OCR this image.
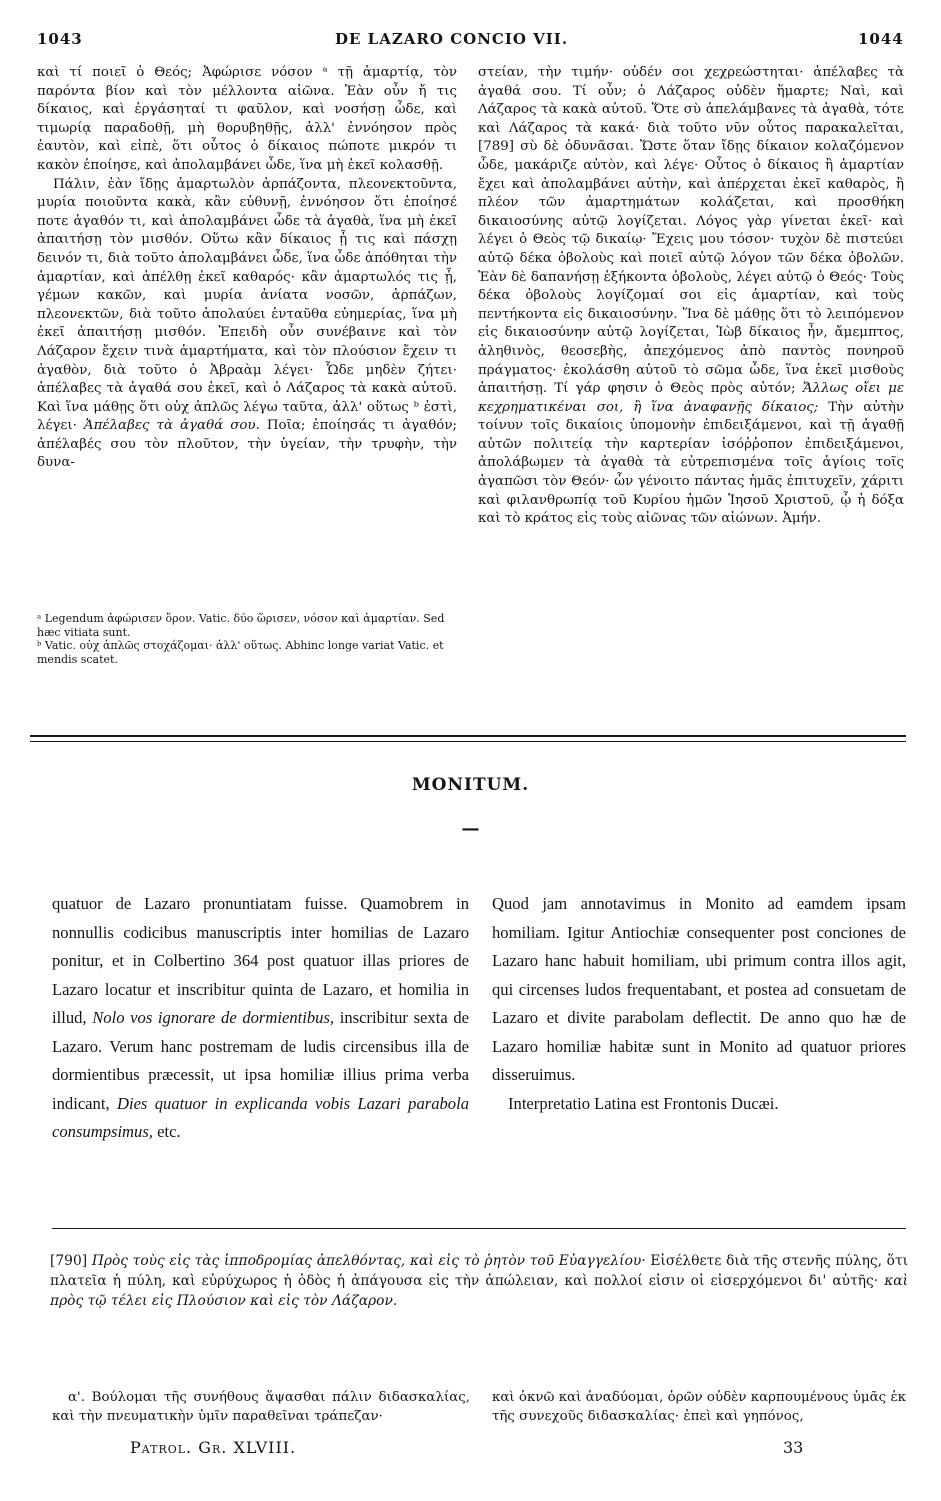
1043	DE LAZARO CONCIO VII.	1044

καὶ τί ποιεῖ ὁ Θεός; Ἀφώρισε νόσον ᵃ τῇ ἁμαρτίᾳ, τὸν παρόντα βίον καὶ τὸν μέλλοντα αἰῶνα. Ἐὰν οὖν ἤ τις δίκαιος, καὶ ἐργάσηταί τι φαῦλον, καὶ νοσήσῃ ὧδε, καὶ τιμωρίᾳ παραδοθῇ, μὴ θορυβηθῇς, ἀλλ' ἐννόησον πρὸς ἑαυτὸν, καὶ εἰπὲ, ὅτι οὗτος ὁ δίκαιος πώποτε μικρόν τι κακὸν ἐποίησε, καὶ ἀπολαμβάνει ὧδε, ἵνα μὴ ἐκεῖ κολασθῇ.

Πάλιν, ἐὰν ἴδῃς ἁμαρτωλὸν ἁρπάζοντα, πλεονεκτοῦντα, μυρία ποιοῦντα κακὰ, κἂν εὐθυνῇ, ἐννόησον ὅτι ἐποίησέ ποτε ἀγαθόν τι, καὶ ἀπολαμβάνει ὧδε τὰ ἀγαθὰ, ἵνα μὴ ἐκεῖ ἀπαιτήσῃ τὸν μισθόν. Οὕτω κἂν δίκαιος ᾖ τις καὶ πάσχῃ δεινόν τι, διὰ τοῦτο ἀπολαμβάνει ὧδε, ἵνα ὧδε ἀπόθηται τὴν ἁμαρτίαν, καὶ ἀπέλθῃ ἐκεῖ καθαρός· κἂν ἁμαρτωλός τις ᾖ, γέμων κακῶν, καὶ μυρία ἀνίατα νοσῶν, ἁρπάζων, πλεονεκτῶν, διὰ τοῦτο ἀπολαύει ἐνταῦθα εὐημερίας, ἵνα μὴ ἐκεῖ ἀπαιτήσῃ μισθόν. Ἐπειδὴ οὖν συνέβαινε καὶ τὸν Λάζαρον ἔχειν τινὰ ἁμαρτήματα, καὶ τὸν πλούσιον ἔχειν τι ἀγαθὸν, διὰ τοῦτο ὁ Ἀβραὰμ λέγει· Ὧδε μηδὲν ζήτει· ἀπέλαβες τὰ ἀγαθά σου ἐκεῖ, καὶ ὁ Λάζαρος τὰ κακὰ αὐτοῦ. Καὶ ἵνα μάθῃς ὅτι οὐχ ἁπλῶς λέγω ταῦτα, ἀλλ' οὕτως ᵇ ἐστὶ, λέγει· Ἀπέλαβες τὰ ἀγαθά σου. Ποῖα; ἐποίησάς τι ἀγαθόν; ἀπέλαβές σου τὸν πλοῦτον, τὴν ὑγείαν, τὴν τρυφὴν, τὴν δυνα-

ᵃ Legendum ἀφώρισεν ὅρον. Vatic. δύο ὥρισεν, νόσον καὶ ἁμαρτίαν. Sed hæc vitiata sunt.

ᵇ Vatic. οὐχ ἁπλῶς στοχάζομαι· ἀλλ' οὕτως. Abhinc longe variat Vatic. et mendis scatet.

στείαν, τὴν τιμήν· οὐδέν σοι χεχρεώστηται· ἀπέλαβες τὰ ἀγαθά σου. Τί οὖν; ὁ Λάζαρος οὐδὲν ἥμαρτε; Ναὶ, καὶ Λάζαρος τὰ κακὰ αὐτοῦ. Ὅτε σὺ ἀπελάμβανες τὰ ἀγαθὰ, τότε καὶ Λάζαρος τὰ κακά· διὰ τοῦτο νῦν οὗτος παρακαλεῖται, [789] σὺ δὲ ὀδυνᾶσαι. Ὥστε ὅταν ἴδῃς δίκαιον κολαζόμενον ὧδε, μακάριζε αὐτὸν, καὶ λέγε· Οὗτος ὁ δίκαιος ἢ ἁμαρτίαν ἔχει καὶ ἀπολαμβάνει αὐτὴν, καὶ ἀπέρχεται ἐκεῖ καθαρὸς, ἢ πλέον τῶν ἁμαρτημάτων κολάζεται, καὶ προσθήκη δικαιοσύνης αὐτῷ λογίζεται. Λόγος γὰρ γίνεται ἐκεῖ· καὶ λέγει ὁ Θεὸς τῷ δικαίῳ· Ἔχεις μου τόσον· τυχὸν δὲ πιστεύει αὐτῷ δέκα ὀβολοὺς καὶ ποιεῖ αὐτῷ λόγον τῶν δέκα ὀβολῶν. Ἐὰν δὲ δαπανήσῃ ἑξήκοντα ὀβολοὺς, λέγει αὐτῷ ὁ Θεός· Τοὺς δέκα ὀβολοὺς λογίζομαί σοι εἰς ἁμαρτίαν, καὶ τοὺς πεντήκοντα εἰς δικαιοσύνην. Ἵνα δὲ μάθῃς ὅτι τὸ λειπόμενον εἰς δικαιοσύνην αὐτῷ λογίζεται, Ἰὼβ δίκαιος ἦν, ἄμεμπτος, ἀληθινὸς, θεοσεβὴς, ἀπεχόμενος ἀπὸ παντὸς πονηροῦ πράγματος· ἐκολάσθη αὐτοῦ τὸ σῶμα ὧδε, ἵνα ἐκεῖ μισθοὺς ἀπαιτήσῃ. Τί γάρ φησιν ὁ Θεὸς πρὸς αὐτόν; Ἄλλως οἴει με κεχρηματικέναι σοι, ἢ ἵνα ἀναφανῇς δίκαιος; Τὴν αὐτὴν τοίνυν τοῖς δικαίοις ὑπομονὴν ἐπιδειξάμενοι, καὶ τῇ ἀγαθῇ αὐτῶν πολιτείᾳ τὴν καρτερίαν ἰσόῤῥοπον ἐπιδειξάμενοι, ἀπολάβωμεν τὰ ἀγαθὰ τὰ εὐτρεπισμένα τοῖς ἁγίοις τοῖς ἀγαπῶσι τὸν Θεόν· ὧν γένοιτο πάντας ἡμᾶς ἐπιτυχεῖν, χάριτι καὶ φιλανθρωπίᾳ τοῦ Κυρίου ἡμῶν Ἰησοῦ Χριστοῦ, ᾧ ἡ δόξα καὶ τὸ κράτος εἰς τοὺς αἰῶνας τῶν αἰώνων. Ἀμήν.

MONITUM.
—

quatuor de Lazaro pronuntiatam fuisse. Quamobrem in nonnullis codicibus manuscriptis inter homilias de Lazaro ponitur, et in Colbertino 364 post quatuor illas priores de Lazaro locatur et inscribitur quinta de Lazaro, et homilia in illud, Nolo vos ignorare de dormientibus, inscribitur sexta de Lazaro. Verum hanc postremam de ludis circensibus illa de dormientibus præcessit, ut ipsa homiliæ illius prima verba indicant, Dies quatuor in explicanda vobis Lazari parabola consumpsimus, etc.

Quod jam annotavimus in Monito ad eamdem ipsam homiliam. Igitur Antiochiæ consequenter post conciones de Lazaro hanc habuit homiliam, ubi primum contra illos agit, qui circenses ludos frequentabant, et postea ad consuetam de Lazaro et divite parabolam deflectit. De anno quo hæ de Lazaro homiliæ habitæ sunt in Monito ad quatuor priores disseruimus.

Interpretatio Latina est Frontonis Ducæi.

[790] Πρὸς τοὺς εἰς τὰς ἱπποδρομίας ἀπελθόντας, καὶ εἰς τὸ ῥητὸν τοῦ Εὐαγγελίου· Εἰσέλθετε διὰ τῆς στενῆς πύλης, ὅτι πλατεῖα ἡ πύλη, καὶ εὐρύχωρος ἡ ὁδὸς ἡ ἀπάγουσα εἰς τὴν ἀπώλειαν, καὶ πολλοί εἰσιν οἱ εἰσερχόμενοι δι' αὐτῆς· καὶ πρὸς τῷ τέλει εἰς Πλούσιον καὶ εἰς τὸν Λάζαρον.

α'. Βούλομαι τῆς συνήθους ἅψασθαι πάλιν διδασκαλίας, καὶ τὴν πνευματικὴν ὑμῖν παραθεῖναι τράπεζαν·

καὶ ὀκνῶ καὶ ἀναδύομαι, ὁρῶν οὐδὲν καρπουμένους ὑμᾶς ἐκ τῆς συνεχοῦς διδασκαλίας· ἐπεὶ καὶ γηπόνος,

Patrol. Gr. XLVIII.	33
